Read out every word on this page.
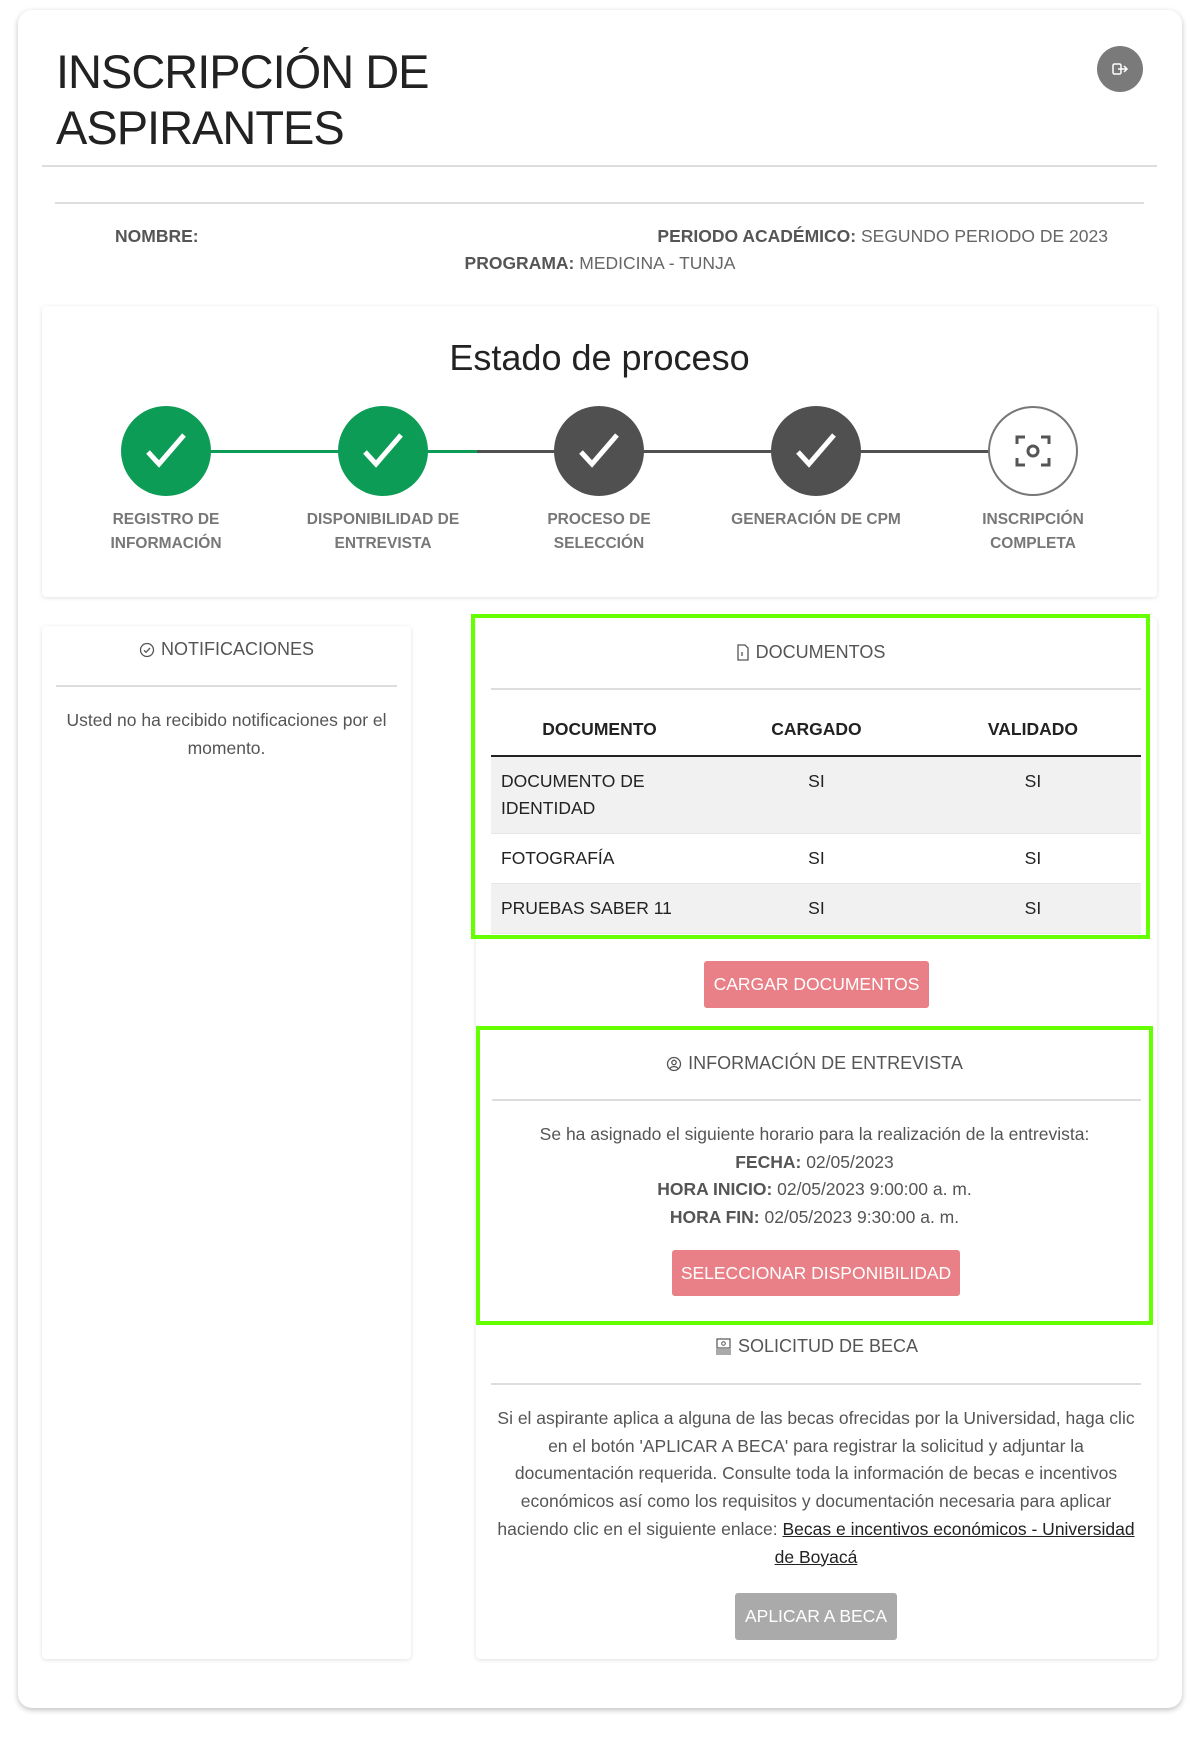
INSCRIPCIÓN DE
ASPIRANTES
NOMBRE:	PERIODO ACADÉMICO: SEGUNDO PERIODO DE 2023
PROGRAMA: MEDICINA - TUNJA
Estado de proceso
REGISTRO DE
INFORMACIÓN
DISPONIBILIDAD DE
ENTREVISTA
PROCESO DE
SELECCIÓN
GENERACIÓN DE CPM	INSCRIPCIÓN
COMPLETA
NOTIFICACIONES
Usted no ha recibido notificaciones por el momento.
DOCUMENTOS
DOCUMENTO	CARGADO	VALIDADO
DOCUMENTO DE IDENTIDAD	SI	SI
FOTOGRAFÍA	SI	SI
PRUEBAS SABER 11	SI	SI
CARGAR DOCUMENTOS
INFORMACIÓN DE ENTREVISTA
Se ha asignado el siguiente horario para la realización de la entrevista:
FECHA: 02/05/2023
HORA INICIO: 02/05/2023 9:00:00 a. m.
HORA FIN: 02/05/2023 9:30:00 a. m.
SELECCIONAR DISPONIBILIDAD
SOLICITUD DE BECA
Si el aspirante aplica a alguna de las becas ofrecidas por la Universidad, haga clic en el botón 'APLICAR A BECA' para registrar la solicitud y adjuntar la documentación requerida. Consulte toda la información de becas e incentivos económicos así como los requisitos y documentación necesaria para aplicar haciendo clic en el siguiente enlace: Becas e incentivos económicos - Universidad de Boyacá
APLICAR A BECA
